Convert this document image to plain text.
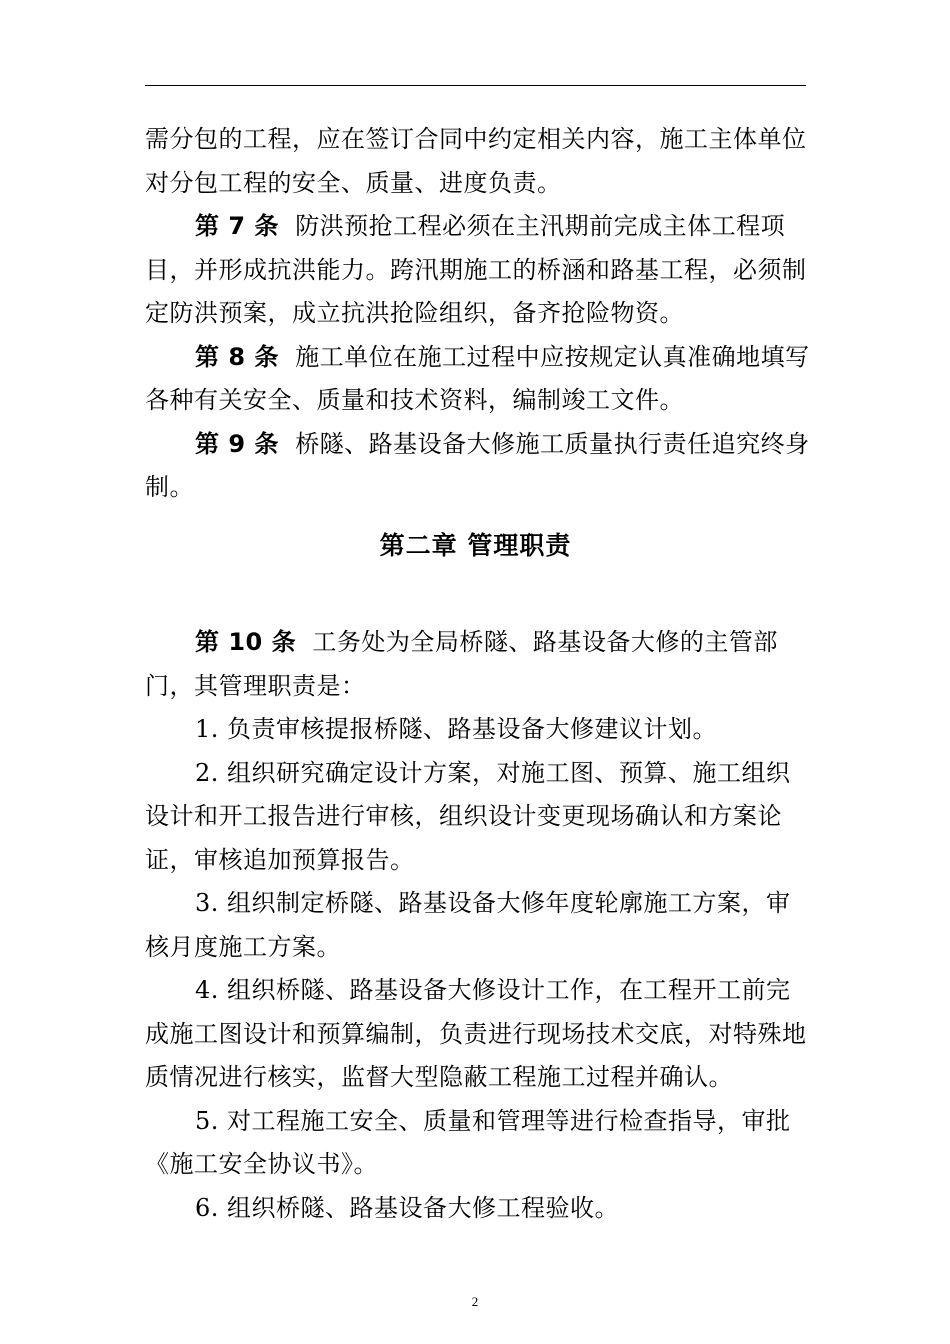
需分包的工程，应在签订合同中约定相关内容，施工主体单位对分包工程的安全、质量、进度负责。

第 7 条 防洪预抢工程必须在主汛期前完成主体工程项目，并形成抗洪能力。跨汛期施工的桥涵和路基工程，必须制定防洪预案，成立抗洪抢险组织，备齐抢险物资。

第 8 条 施工单位在施工过程中应按规定认真准确地填写各种有关安全、质量和技术资料，编制竣工文件。

第 9 条 桥隧、路基设备大修施工质量执行责任追究终身制。

第二章 管理职责

第 10 条 工务处为全局桥隧、路基设备大修的主管部门，其管理职责是：

1. 负责审核提报桥隧、路基设备大修建议计划。

2. 组织研究确定设计方案，对施工图、预算、施工组织设计和开工报告进行审核，组织设计变更现场确认和方案论证，审核追加预算报告。

3. 组织制定桥隧、路基设备大修年度轮廓施工方案，审核月度施工方案。

4. 组织桥隧、路基设备大修设计工作，在工程开工前完成施工图设计和预算编制，负责进行现场技术交底，对特殊地质情况进行核实，监督大型隐蔽工程施工过程并确认。

5. 对工程施工安全、质量和管理等进行检查指导，审批《施工安全协议书》。

6. 组织桥隧、路基设备大修工程验收。

2
